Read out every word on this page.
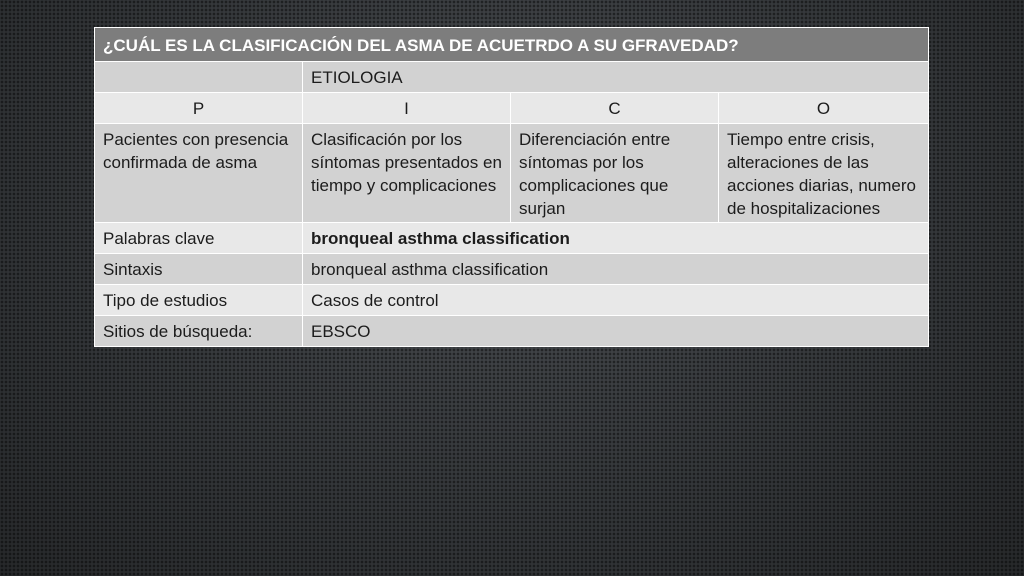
¿CUÁL ES LA CLASIFICACIÓN DEL ASMA DE ACUETRDO A SU GFRAVEDAD?			
	ETIOLOGIA		
P	I	C	O
Pacientes con presencia confirmada de asma	Clasificación por los síntomas presentados en tiempo y complicaciones	Diferenciación entre síntomas por los complicaciones que surjan	Tiempo entre crisis, alteraciones de las acciones diarias, numero de hospitalizaciones
Palabras clave	bronqueal asthma classification		
Sintaxis	bronqueal asthma classification		
Tipo de estudios	Casos de control		
Sitios de búsqueda:	EBSCO		
